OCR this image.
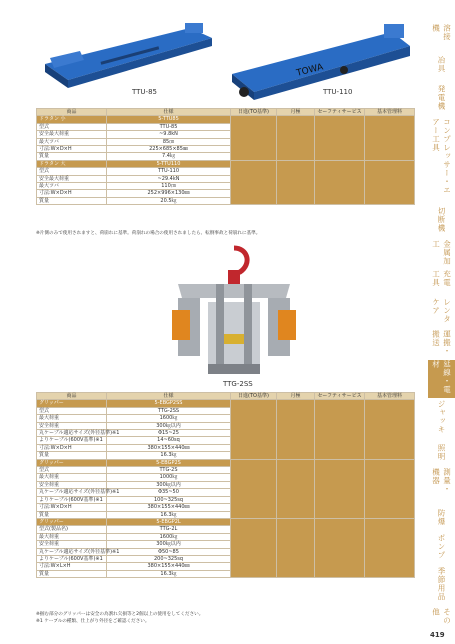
TOWA
TTU-85	TTU-110
商品	仕様	日進(TO基準)	月極	セーフティサービス	基本管理料
ドラタン 小	5-TTU85				
型式	TTU-85				
安全最大荷重	~9.8kN				
最大ツバ	85㎝				
寸法:W×D×H	225×685×85㎜				
質量	7.4㎏				
ドラタン 大	5-TTU110				
型式	TTU-110				
安全最大荷重	~29.4kN				
最大ツバ	110㎝				
寸法:W×D×H	252×996×130㎜				
質量	20.5㎏				
※片側のみで使用されますと、荷崩れに基準。荷崩れの場合の使用されましたら、転倒事故と荷崩れに基準。
TTG-2SS
商品	仕様	日進(TO基準)	月極	セーフティサービス	基本管理料
グリッパー	5-EBGP2SS				
型式	TTG-2SS				
最大荷重	1600㎏				
安全荷重	300㎏以内				
丸ケーブル適応サイズ(外径基準)※1	Φ15~25				
よりケーブル(600V基準)※1	14~60sq				
寸法:W×D×H	380×155×440㎜				
質量	16.3㎏				
グリッパー	5-EBGP2S				
型式	TTG-2S				
最大荷重	1000㎏				
安全荷重	300㎏以内				
丸ケーブル適応サイズ(外径基準)※1	Φ35~50				
よりケーブル(600V基準)※1	100~325sq				
寸法:W×D×H	380×155×440㎜				
質量	16.3㎏				
グリッパー	5-EBGP2L				
型式(製品名)	TTG-2L				
最大荷重	1600㎏				
安全荷重	300㎏以内				
丸ケーブル適応サイズ(外径基準)※1	Φ50~85				
よりケーブル(600V基準)※1	200~325sq				
寸法:W×L×H	380×155×440㎜				
質量	16.3㎏				
※掴む部分のグリッパーは安全の為割れ欠損等と2個以上の使用をしてください。
※1 ケーブルの種類、仕上がり外径をご確認ください。
溶接機
冶具
発電機
コンプレッサー・エアー工具
切断機
金属加工
充電工具
レンタケア
運搬・搬送
延線・電材
ジャッキ
照明
測量・機器
防爆
ポンプ
季節用品
その他
419
